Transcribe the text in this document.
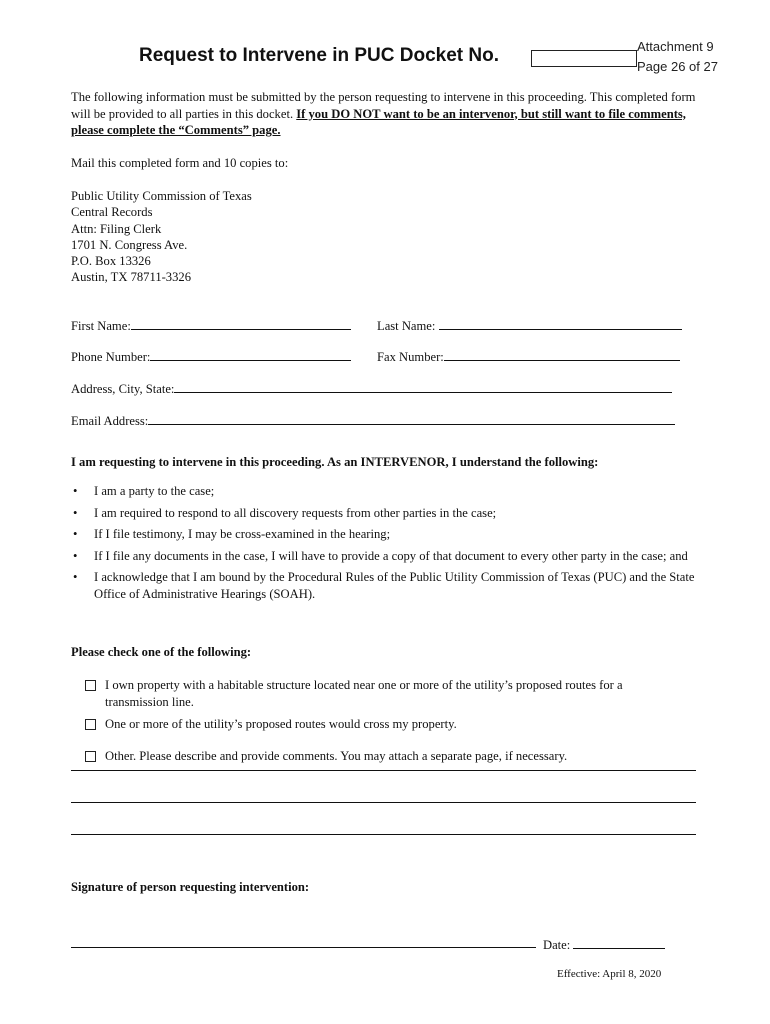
Attachment 9
Page 26 of 27
Request to Intervene in PUC Docket No.
The following information must be submitted by the person requesting to intervene in this proceeding. This completed form will be provided to all parties in this docket. If you DO NOT want to be an intervenor, but still want to file comments, please complete the “Comments” page.
Mail this completed form and 10 copies to:
Public Utility Commission of Texas
Central Records
Attn: Filing Clerk
1701 N. Congress Ave.
P.O. Box 13326
Austin, TX 78711-3326
First Name:	Last Name:
Phone Number:	Fax Number:
Address, City, State:
Email Address:
I am requesting to intervene in this proceeding. As an INTERVENOR, I understand the following:
• I am a party to the case;
• I am required to respond to all discovery requests from other parties in the case;
• If I file testimony, I may be cross-examined in the hearing;
• If I file any documents in the case, I will have to provide a copy of that document to every other party in the case; and
• I acknowledge that I am bound by the Procedural Rules of the Public Utility Commission of Texas (PUC) and the State Office of Administrative Hearings (SOAH).
Please check one of the following:
I own property with a habitable structure located near one or more of the utility’s proposed routes for a transmission line.
One or more of the utility’s proposed routes would cross my property.
Other. Please describe and provide comments. You may attach a separate page, if necessary.
Signature of person requesting intervention:
Date:
Effective: April 8, 2020
